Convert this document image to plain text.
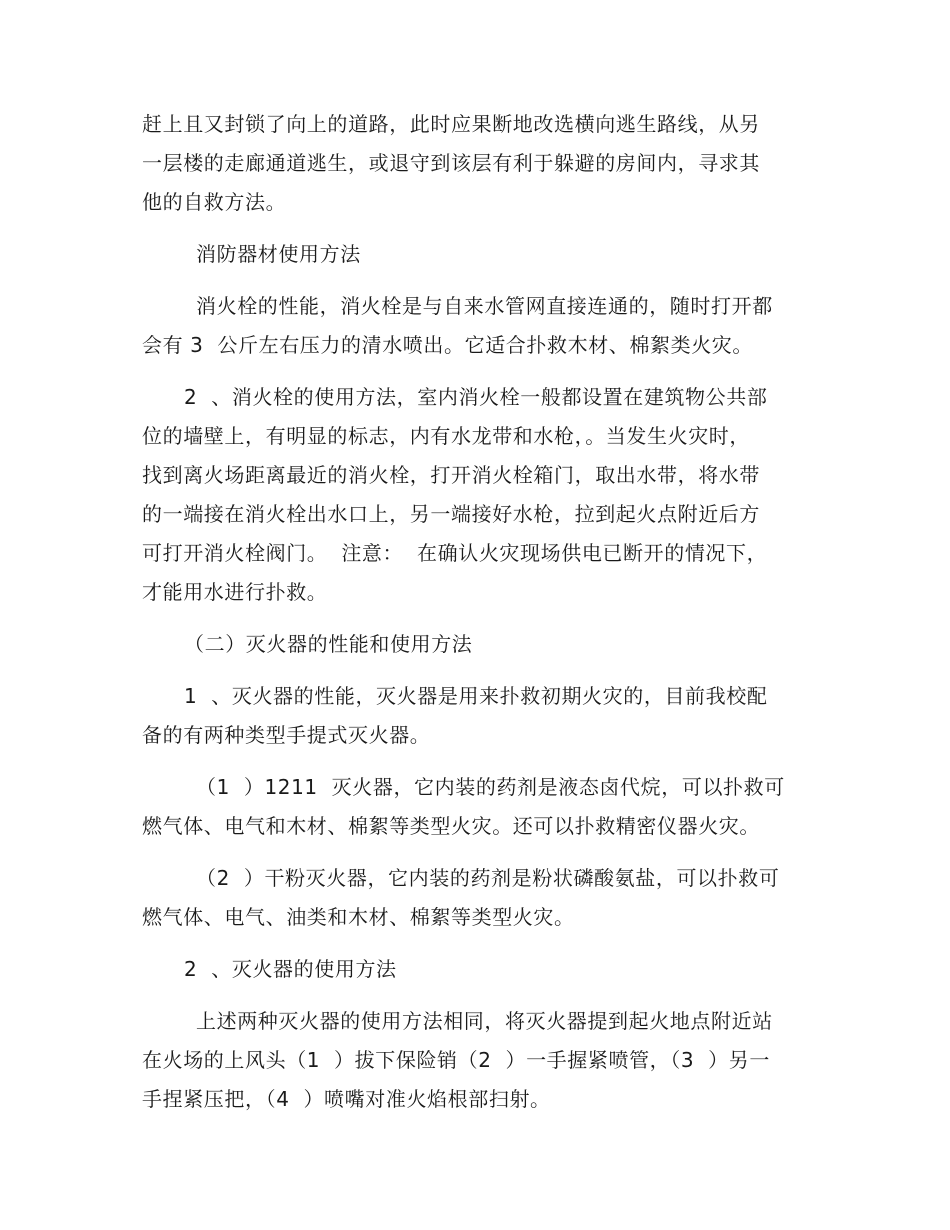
赶上且又封锁了向上的道路，此时应果断地改选横向逃生路线，从另

一层楼的走廊通道逃生，或退守到该层有利于躲避的房间内，寻求其

他的自救方法。

消防器材使用方法

消火栓的性能，消火栓是与自来水管网直接连通的，随时打开都

会有 3  公斤左右压力的清水喷出。它适合扑救木材、棉絮类火灾。

2  、消火栓的使用方法，室内消火栓一般都设置在建筑物公共部

位的墙壁上，有明显的标志，内有水龙带和水枪，。当发生火灾时，

找到离火场距离最近的消火栓，打开消火栓箱门，取出水带，将水带

的一端接在消火栓出水口上，另一端接好水枪，拉到起火点附近后方

可打开消火栓阀门。  注意：  在确认火灾现场供电已断开的情况下，

才能用水进行扑救。

（二）灭火器的性能和使用方法

1  、灭火器的性能，灭火器是用来扑救初期火灾的，目前我校配

备的有两种类型手提式灭火器。

（1  ）1211  灭火器，它内装的药剂是液态卤代烷，可以扑救可

燃气体、电气和木材、棉絮等类型火灾。还可以扑救精密仪器火灾。

（2  ）干粉灭火器，它内装的药剂是粉状磷酸氨盐，可以扑救可

燃气体、电气、油类和木材、棉絮等类型火灾。

2  、灭火器的使用方法

上述两种灭火器的使用方法相同，将灭火器提到起火地点附近站

在火场的上风头（1  ）拔下保险销（2  ）一手握紧喷管，（3  ）另一

手捏紧压把，（4  ）喷嘴对准火焰根部扫射。
